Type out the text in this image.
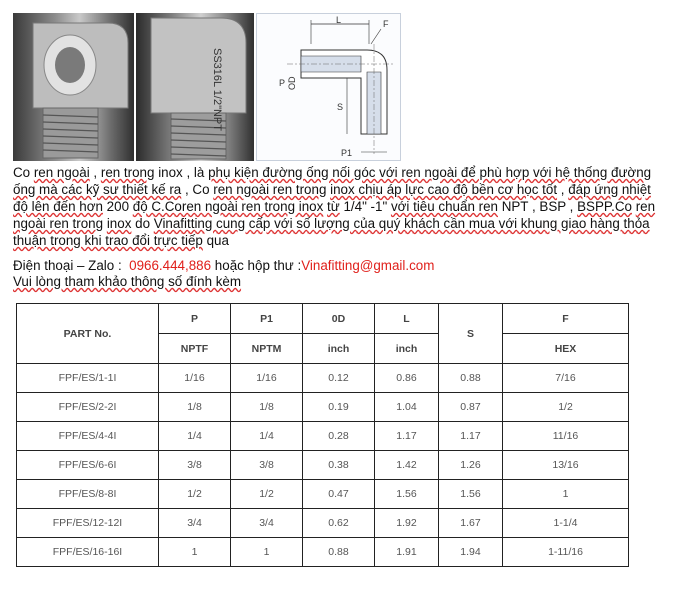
SS316L 1/2"NPT
L	F
P OD
S
P1
Co ren ngoài , ren trong inox , là phụ kiện đường ống nối góc với ren ngoài để phù hợp với hệ thống đường ống mà các kỹ sư thiết kế ra , Co ren ngoài ren trong inox chịu áp lực cao độ bền cơ học tốt , đáp ứng nhiệt độ lên đến hơn 200 độ C.Coren ngoài ren trong inox từ 1/4" -1" với tiêu chuẩn ren NPT , BSP , BSPP.Co ren ngoài ren trong inox do Vinafitting cung cấp với số lượng của quý khách cần mua với khung giao hàng thỏa thuận trong khi trao đổi trực tiếp qua
Điện thoại – Zalo : 0966.444,886 hoặc hộp thư :Vinafitting@gmail.com
Vui lòng tham khảo thông số đính kèm
PART No.	P	P1	0D	L	S	F
	NPTF	NPTM	inch	inch		HEX
FPF/ES/1-1I	1/16	1/16	0.12	0.86	0.88	7/16
FPF/ES/2-2I	1/8	1/8	0.19	1.04	0.87	1/2
FPF/ES/4-4I	1/4	1/4	0.28	1.17	1.17	11/16
FPF/ES/6-6I	3/8	3/8	0.38	1.42	1.26	13/16
FPF/ES/8-8I	1/2	1/2	0.47	1.56	1.56	1
FPF/ES/12-12I	3/4	3/4	0.62	1.92	1.67	1-1/4
FPF/ES/16-16I	1	1	0.88	1.91	1.94	1-11/16
